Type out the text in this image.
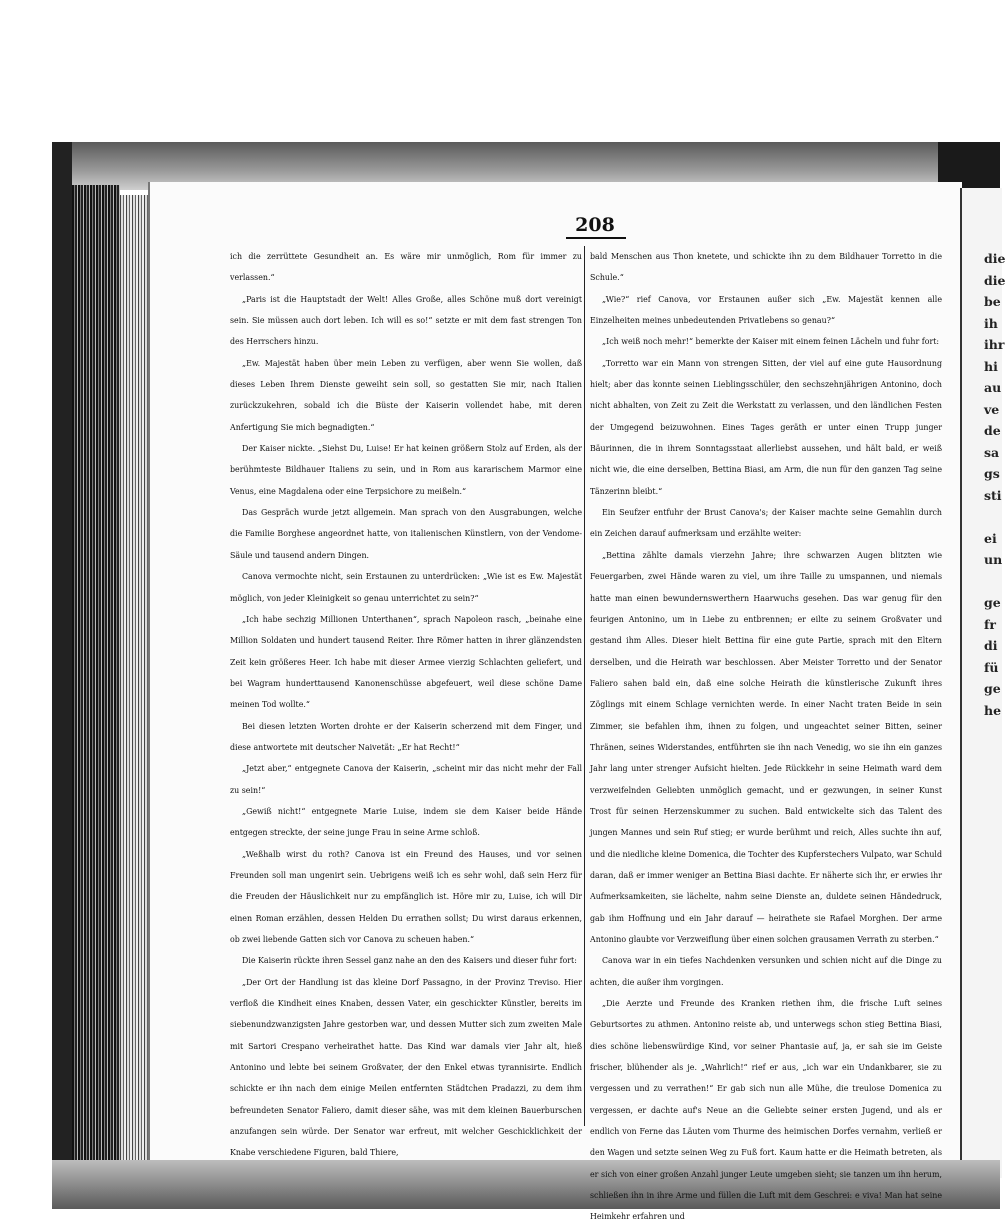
die
die
be
ih
ihr
hi
au
ve
de
sa
gs
sti

ei
un

ge
fr
di
fü
ge
he
208

ich die zerrüttete Gesundheit an. Es wäre mir unmöglich, Rom für immer zu verlassen.“

„Paris ist die Hauptstadt der Welt! Alles Große, alles Schöne muß dort vereinigt sein. Sie müssen auch dort leben. Ich will es so!“ setzte er mit dem fast strengen Ton des Herrschers hinzu.

„Ew. Majestät haben über mein Leben zu verfügen, aber wenn Sie wollen, daß dieses Leben Ihrem Dienste geweiht sein soll, so gestatten Sie mir, nach Italien zurückzukehren, sobald ich die Büste der Kaiserin vollendet habe, mit deren Anfertigung Sie mich begnadigten.“

Der Kaiser nickte. „Siehst Du, Luise! Er hat keinen größern Stolz auf Erden, als der berühmteste Bildhauer Italiens zu sein, und in Rom aus kararischem Marmor eine Venus, eine Magdalena oder eine Terpsichore zu meißeln.“

Das Gespräch wurde jetzt allgemein. Man sprach von den Ausgrabungen, welche die Familie Borghese angeordnet hatte, von italienischen Künstlern, von der Vendome-Säule und tausend andern Dingen.

Canova vermochte nicht, sein Erstaunen zu unterdrücken: „Wie ist es Ew. Majestät möglich, von jeder Kleinigkeit so genau unterrichtet zu sein?“

„Ich habe sechzig Millionen Unterthanen“, sprach Napoleon rasch, „beinahe eine Million Soldaten und hundert tausend Reiter. Ihre Römer hatten in ihrer glänzendsten Zeit kein größeres Heer. Ich habe mit dieser Armee vierzig Schlachten geliefert, und bei Wagram hunderttausend Kanonenschüsse abgefeuert, weil diese schöne Dame meinen Tod wollte.“

Bei diesen letzten Worten drohte er der Kaiserin scherzend mit dem Finger, und diese antwortete mit deutscher Naivetät: „Er hat Recht!“

„Jetzt aber,“ entgegnete Canova der Kaiserin, „scheint mir das nicht mehr der Fall zu sein!“

„Gewiß nicht!“ entgegnete Marie Luise, indem sie dem Kaiser beide Hände entgegen streckte, der seine junge Frau in seine Arme schloß.

„Weßhalb wirst du roth? Canova ist ein Freund des Hauses, und vor seinen Freunden soll man ungenirt sein. Uebrigens weiß ich es sehr wohl, daß sein Herz für die Freuden der Häuslichkeit nur zu empfänglich ist. Höre mir zu, Luise, ich will Dir einen Roman erzählen, dessen Helden Du errathen sollst; Du wirst daraus erkennen, ob zwei liebende Gatten sich vor Canova zu scheuen haben.“

Die Kaiserin rückte ihren Sessel ganz nahe an den des Kaisers und dieser fuhr fort:

„Der Ort der Handlung ist das kleine Dorf Passagno, in der Provinz Treviso. Hier verfloß die Kindheit eines Knaben, dessen Vater, ein geschickter Künstler, bereits im siebenundzwanzigsten Jahre gestorben war, und dessen Mutter sich zum zweiten Male mit Sartori Crespano verheirathet hatte. Das Kind war damals vier Jahr alt, hieß Antonino und lebte bei seinem Großvater, der den Enkel etwas tyrannisirte. Endlich schickte er ihn nach dem einige Meilen entfernten Städtchen Pradazzi, zu dem ihm befreundeten Senator Faliero, damit dieser sähe, was mit dem kleinen Bauerburschen anzufangen sein würde. Der Senator war erfreut, mit welcher Geschicklichkeit der Knabe verschiedene Figuren, bald Thiere,

bald Menschen aus Thon knetete, und schickte ihn zu dem Bildhauer Torretto in die Schule.“

„Wie?“ rief Canova, vor Erstaunen außer sich „Ew. Majestät kennen alle Einzelheiten meines unbedeutenden Privatlebens so genau?“

„Ich weiß noch mehr!“ bemerkte der Kaiser mit einem feinen Lächeln und fuhr fort:

„Torretto war ein Mann von strengen Sitten, der viel auf eine gute Hausordnung hielt; aber das konnte seinen Lieblingsschüler, den sechszehnjährigen Antonino, doch nicht abhalten, von Zeit zu Zeit die Werkstatt zu verlassen, und den ländlichen Festen der Umgegend beizuwohnen. Eines Tages geräth er unter einen Trupp junger Bäurinnen, die in ihrem Sonntagsstaat allerliebst aussehen, und hält bald, er weiß nicht wie, die eine derselben, Bettina Biasi, am Arm, die nun für den ganzen Tag seine Tänzerinn bleibt.“

Ein Seufzer entfuhr der Brust Canova's; der Kaiser machte seine Gemahlin durch ein Zeichen darauf aufmerksam und erzählte weiter:

„Bettina zählte damals vierzehn Jahre; ihre schwarzen Augen blitzten wie Feuergarben, zwei Hände waren zu viel, um ihre Taille zu umspannen, und niemals hatte man einen bewundernswerthern Haarwuchs gesehen. Das war genug für den feurigen Antonino, um in Liebe zu entbrennen; er eilte zu seinem Großvater und gestand ihm Alles. Dieser hielt Bettina für eine gute Partie, sprach mit den Eltern derselben, und die Heirath war beschlossen. Aber Meister Torretto und der Senator Faliero sahen bald ein, daß eine solche Heirath die künstlerische Zukunft ihres Zöglings mit einem Schlage vernichten werde. In einer Nacht traten Beide in sein Zimmer, sie befahlen ihm, ihnen zu folgen, und ungeachtet seiner Bitten, seiner Thränen, seines Widerstandes, entführten sie ihn nach Venedig, wo sie ihn ein ganzes Jahr lang unter strenger Aufsicht hielten. Jede Rückkehr in seine Heimath ward dem verzweifelnden Geliebten unmöglich gemacht, und er gezwungen, in seiner Kunst Trost für seinen Herzenskummer zu suchen. Bald entwickelte sich das Talent des jungen Mannes und sein Ruf stieg; er wurde berühmt und reich, Alles suchte ihn auf, und die niedliche kleine Domenica, die Tochter des Kupferstechers Vulpato, war Schuld daran, daß er immer weniger an Bettina Biasi dachte. Er näherte sich ihr, er erwies ihr Aufmerksamkeiten, sie lächelte, nahm seine Dienste an, duldete seinen Händedruck, gab ihm Hoffnung und ein Jahr darauf — heirathete sie Rafael Morghen. Der arme Antonino glaubte vor Verzweiflung über einen solchen grausamen Verrath zu sterben.“

Canova war in ein tiefes Nachdenken versunken und schien nicht auf die Dinge zu achten, die außer ihm vorgingen.

„Die Aerzte und Freunde des Kranken riethen ihm, die frische Luft seines Geburtsortes zu athmen. Antonino reiste ab, und unterwegs schon stieg Bettina Biasi, dies schöne liebenswürdige Kind, vor seiner Phantasie auf, ja, er sah sie im Geiste frischer, blühender als je. „Wahrlich!“ rief er aus, „ich war ein Undankbarer, sie zu vergessen und zu verrathen!“ Er gab sich nun alle Mühe, die treulose Domenica zu vergessen, er dachte auf's Neue an die Geliebte seiner ersten Jugend, und als er endlich von Ferne das Läuten vom Thurme des heimischen Dorfes vernahm, verließ er den Wagen und setzte seinen Weg zu Fuß fort. Kaum hatte er die Heimath betreten, als er sich von einer großen Anzahl junger Leute umgeben sieht; sie tanzen um ihn herum, schließen ihn in ihre Arme und füllen die Luft mit dem Geschrei: e viva! Man hat seine Heimkehr erfahren und
